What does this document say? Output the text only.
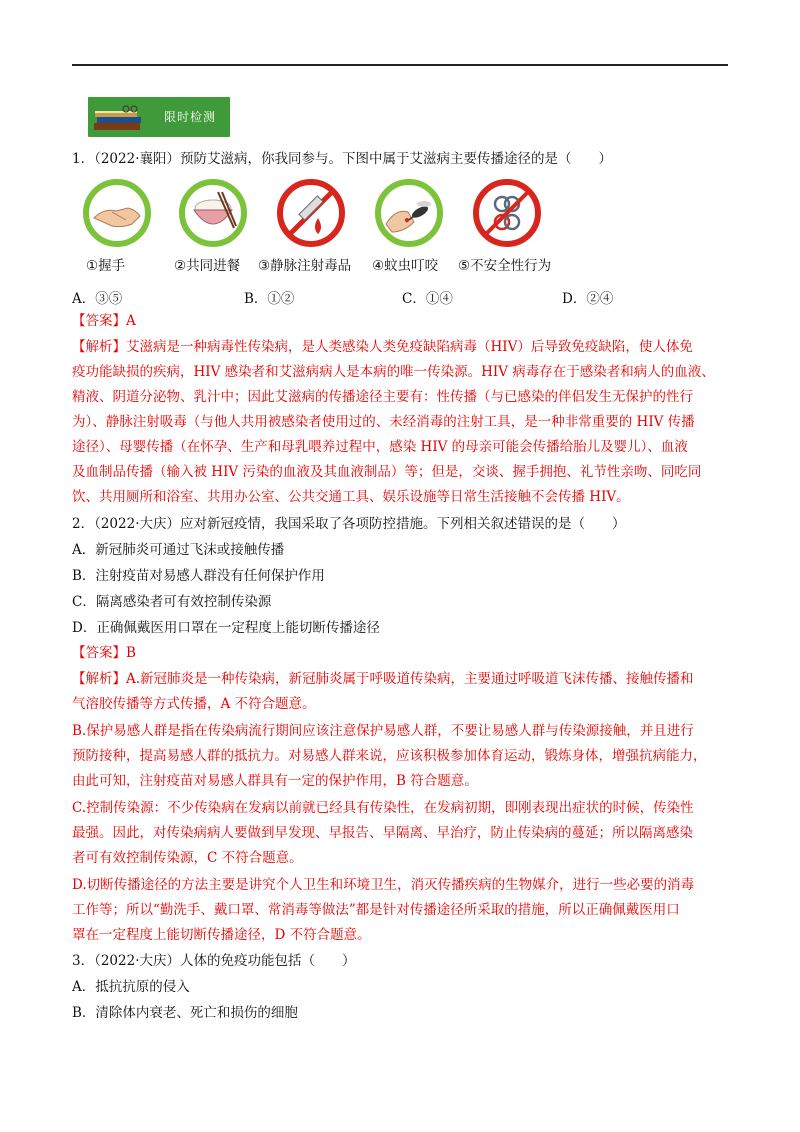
限时检测
1．（2022·襄阳）预防艾滋病，你我同参与。下图中属于艾滋病主要传播途径的是（　　）
①握手	②共同进餐 ③静脉注射毒品 ④蚊虫叮咬 ⑤不安全性行为
A．③⑤	B．①②	C．①④	D．②④
【答案】A
【解析】艾滋病是一种病毒性传染病，是人类感染人类免疫缺陷病毒（HIV）后导致免疫缺陷，使人体免
疫功能缺损的疾病，HIV 感染者和艾滋病病人是本病的唯一传染源。HIV 病毒存在于感染者和病人的血液、
精液、阴道分泌物、乳汁中；因此艾滋病的传播途径主要有：性传播（与已感染的伴侣发生无保护的性行
为）、静脉注射吸毒（与他人共用被感染者使用过的、未经消毒的注射工具，是一种非常重要的 HIV 传播
途径）、母婴传播（在怀孕、生产和母乳喂养过程中，感染 HIV 的母亲可能会传播给胎儿及婴儿）、血液
及血制品传播（输入被 HIV 污染的血液及其血液制品）等；但是，交谈、握手拥抱、礼节性亲吻、同吃同
饮、共用厕所和浴室、共用办公室、公共交通工具、娱乐设施等日常生活接触不会传播 HIV。
2．（2022·大庆）应对新冠疫情，我国采取了各项防控措施。下列相关叙述错误的是（　　）
A．新冠肺炎可通过飞沫或接触传播
B．注射疫苗对易感人群没有任何保护作用
C．隔离感染者可有效控制传染源
D．正确佩戴医用口罩在一定程度上能切断传播途径
【答案】B
【解析】A.新冠肺炎是一种传染病，新冠肺炎属于呼吸道传染病，主要通过呼吸道飞沫传播、接触传播和
气溶胶传播等方式传播，A 不符合题意。
B.保护易感人群是指在传染病流行期间应该注意保护易感人群，不要让易感人群与传染源接触，并且进行
预防接种，提高易感人群的抵抗力。对易感人群来说，应该积极参加体育运动，锻炼身体，增强抗病能力，
由此可知，注射疫苗对易感人群具有一定的保护作用，B 符合题意。
C.控制传染源：不少传染病在发病以前就已经具有传染性，在发病初期，即刚表现出症状的时候，传染性
最强。因此，对传染病病人要做到早发现、早报告、早隔离、早治疗，防止传染病的蔓延；所以隔离感染
者可有效控制传染源，C 不符合题意。
D.切断传播途径的方法主要是讲究个人卫生和环境卫生，消灭传播疾病的生物媒介，进行一些必要的消毒
工作等；所以“勤洗手、戴口罩、常消毒等做法”都是针对传播途径所采取的措施，所以正确佩戴医用口
罩在一定程度上能切断传播途径，D 不符合题意。
3．（2022·大庆）人体的免疫功能包括（　　）
A．抵抗抗原的侵入
B．清除体内衰老、死亡和损伤的细胞
